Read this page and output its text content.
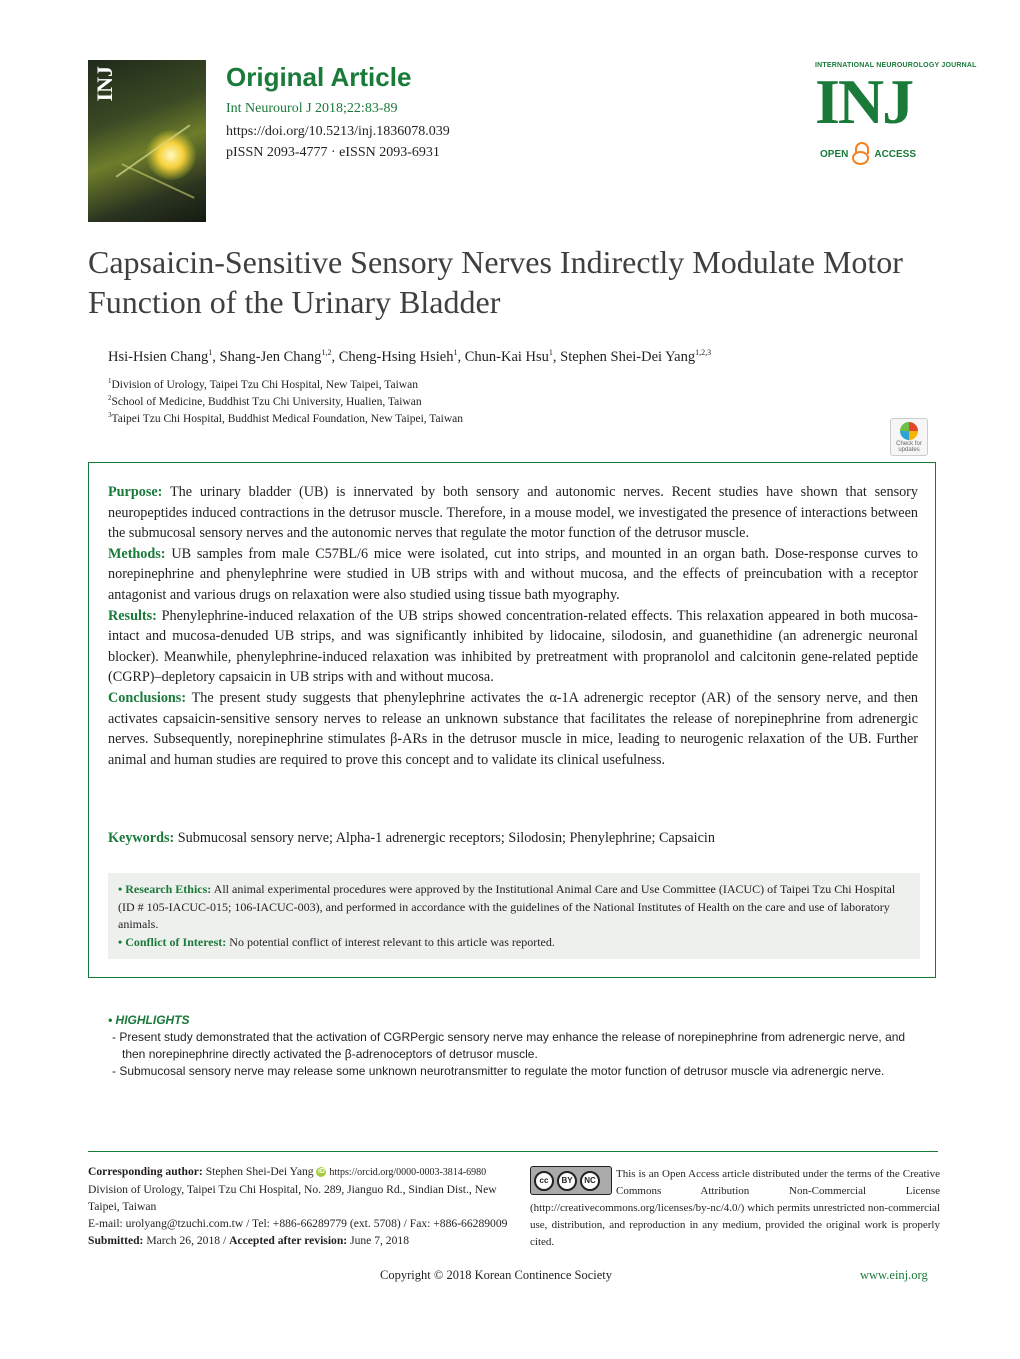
INJ	Original Article
Int Neurourol J 2018;22:83-89
https://doi.org/10.5213/inj.1836078.039
pISSN 2093-4777 · eISSN 2093-6931
INTERNATIONAL NEUROUROLOGY JOURNAL
INJ
OPEN	ACCESS
Capsaicin-Sensitive Sensory Nerves Indirectly Modulate Motor Function of the Urinary Bladder
Hsi-Hsien Chang$^1$, Shang-Jen Chang$^{1,2}$, Cheng-Hsing Hsieh$^1$, Chun-Kai Hsu$^1$, Stephen Shei-Dei Yang$^{1,2,3}$
$^1$Division of Urology, Taipei Tzu Chi Hospital, New Taipei, Taiwan
$^2$School of Medicine, Buddhist Tzu Chi University, Hualien, Taiwan
$^3$Taipei Tzu Chi Hospital, Buddhist Medical Foundation, New Taipei, Taiwan
Check for updates

Purpose: The urinary bladder (UB) is innervated by both sensory and autonomic nerves. Recent studies have shown that sensory neuropeptides induced contractions in the detrusor muscle. Therefore, in a mouse model, we investigated the presence of interactions between the submucosal sensory nerves and the autonomic nerves that regulate the motor function of the detrusor muscle.

Methods: UB samples from male C57BL/6 mice were isolated, cut into strips, and mounted in an organ bath. Dose-response curves to norepinephrine and phenylephrine were studied in UB strips with and without mucosa, and the effects of preincubation with a receptor antagonist and various drugs on relaxation were also studied using tissue bath myography.

Results: Phenylephrine-induced relaxation of the UB strips showed concentration-related effects. This relaxation appeared in both mucosa-intact and mucosa-denuded UB strips, and was significantly inhibited by lidocaine, silodosin, and guanethidine (an adrenergic neuronal blocker). Meanwhile, phenylephrine-induced relaxation was inhibited by pretreatment with propranolol and calcitonin gene-related peptide (CGRP)–depletory capsaicin in UB strips with and without mucosa.

Conclusions: The present study suggests that phenylephrine activates the α-1A adrenergic receptor (AR) of the sensory nerve, and then activates capsaicin-sensitive sensory nerves to release an unknown substance that facilitates the release of norepinephrine from adrenergic nerves. Subsequently, norepinephrine stimulates β-ARs in the detrusor muscle in mice, leading to neurogenic relaxation of the UB. Further animal and human studies are required to prove this concept and to validate its clinical usefulness.

Keywords: Submucosal sensory nerve; Alpha-1 adrenergic receptors; Silodosin; Phenylephrine; Capsaicin

• Research Ethics: All animal experimental procedures were approved by the Institutional Animal Care and Use Committee (IACUC) of Taipei Tzu Chi Hospital (ID # 105-IACUC-015; 106-IACUC-003), and performed in accordance with the guidelines of the National Institutes of Health on the care and use of laboratory animals.

• Conflict of Interest: No potential conflict of interest relevant to this article was reported.

• HIGHLIGHTS

- Present study demonstrated that the activation of CGRPergic sensory nerve may enhance the release of norepinephrine from adrenergic nerve, and then norepinephrine directly activated the β-adrenoceptors of detrusor muscle.

- Submucosal sensory nerve may release some unknown neurotransmitter to regulate the motor function of detrusor muscle via adrenergic nerve.

Corresponding author: Stephen Shei-Dei Yang iD https://orcid.org/0000-0003-3814-6980

Division of Urology, Taipei Tzu Chi Hospital, No. 289, Jianguo Rd., Sindian Dist., New Taipei, Taiwan

E-mail: urolyang@tzuchi.com.tw / Tel: +886-66289779 (ext. 5708) / Fax: +886-66289009

Submitted: March 26, 2018 / Accepted after revision: June 7, 2018

This is an Open Access article distributed under the terms of the Creative Commons Attribution Non-Commercial License (http://creativecommons.org/licenses/by-nc/4.0/) which permits unrestricted non-commercial use, distribution, and reproduction in any medium, provided the original work is properly cited.

cc	BY	NC
Copyright © 2018 Korean Continence Society	www.einj.org
